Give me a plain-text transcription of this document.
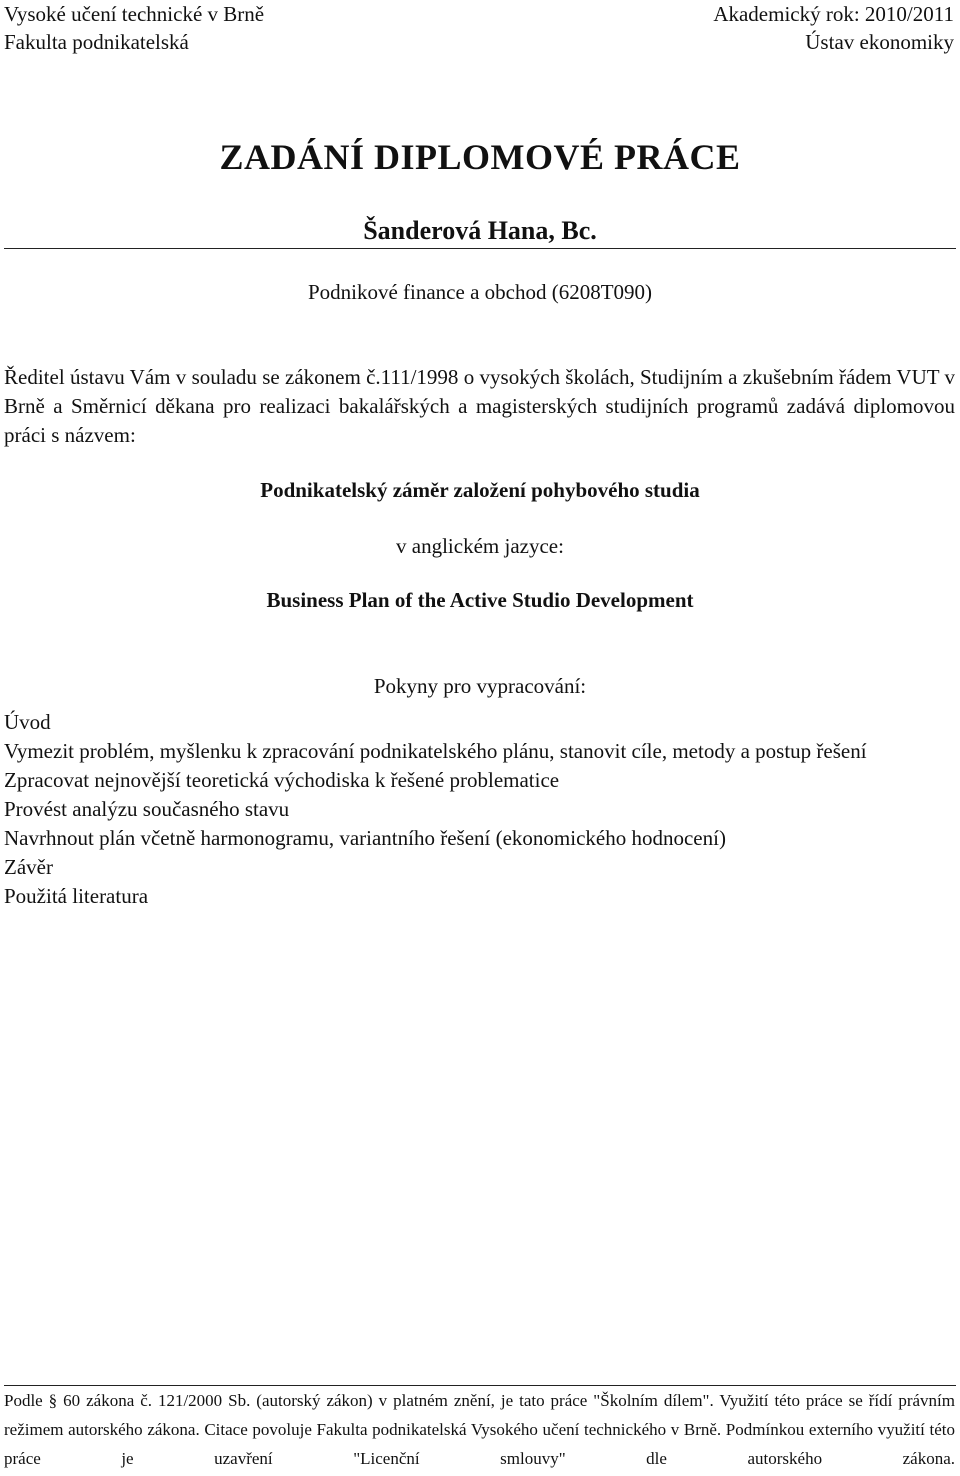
Vysoké učení technické v Brně
Fakulta podnikatelská
Akademický rok: 2010/2011
Ústav ekonomiky
ZADÁNÍ DIPLOMOVÉ PRÁCE
Šanderová Hana, Bc.
Podnikové finance a obchod (6208T090)
Ředitel ústavu Vám v souladu se zákonem č.111/1998 o vysokých školách, Studijním a zkušebním řádem VUT v Brně a Směrnicí děkana pro realizaci bakalářských a magisterských studijních programů zadává diplomovou práci s názvem:
Podnikatelský záměr založení pohybového studia
v anglickém jazyce:
Business Plan of the Active Studio Development
Pokyny pro vypracování:
Úvod
Vymezit problém, myšlenku k zpracování podnikatelského plánu, stanovit cíle, metody a postup řešení
Zpracovat nejnovější teoretická východiska k řešené problematice
Provést analýzu současného stavu
Navrhnout plán včetně harmonogramu, variantního řešení (ekonomického hodnocení)
Závěr
Použitá literatura
Podle § 60 zákona č. 121/2000 Sb. (autorský zákon) v platném znění, je tato práce "Školním dílem". Využití této práce se řídí právním režimem autorského zákona. Citace povoluje Fakulta podnikatelská Vysokého učení technického v Brně. Podmínkou externího využití této práce je uzavření "Licenční smlouvy" dle autorského zákona.
